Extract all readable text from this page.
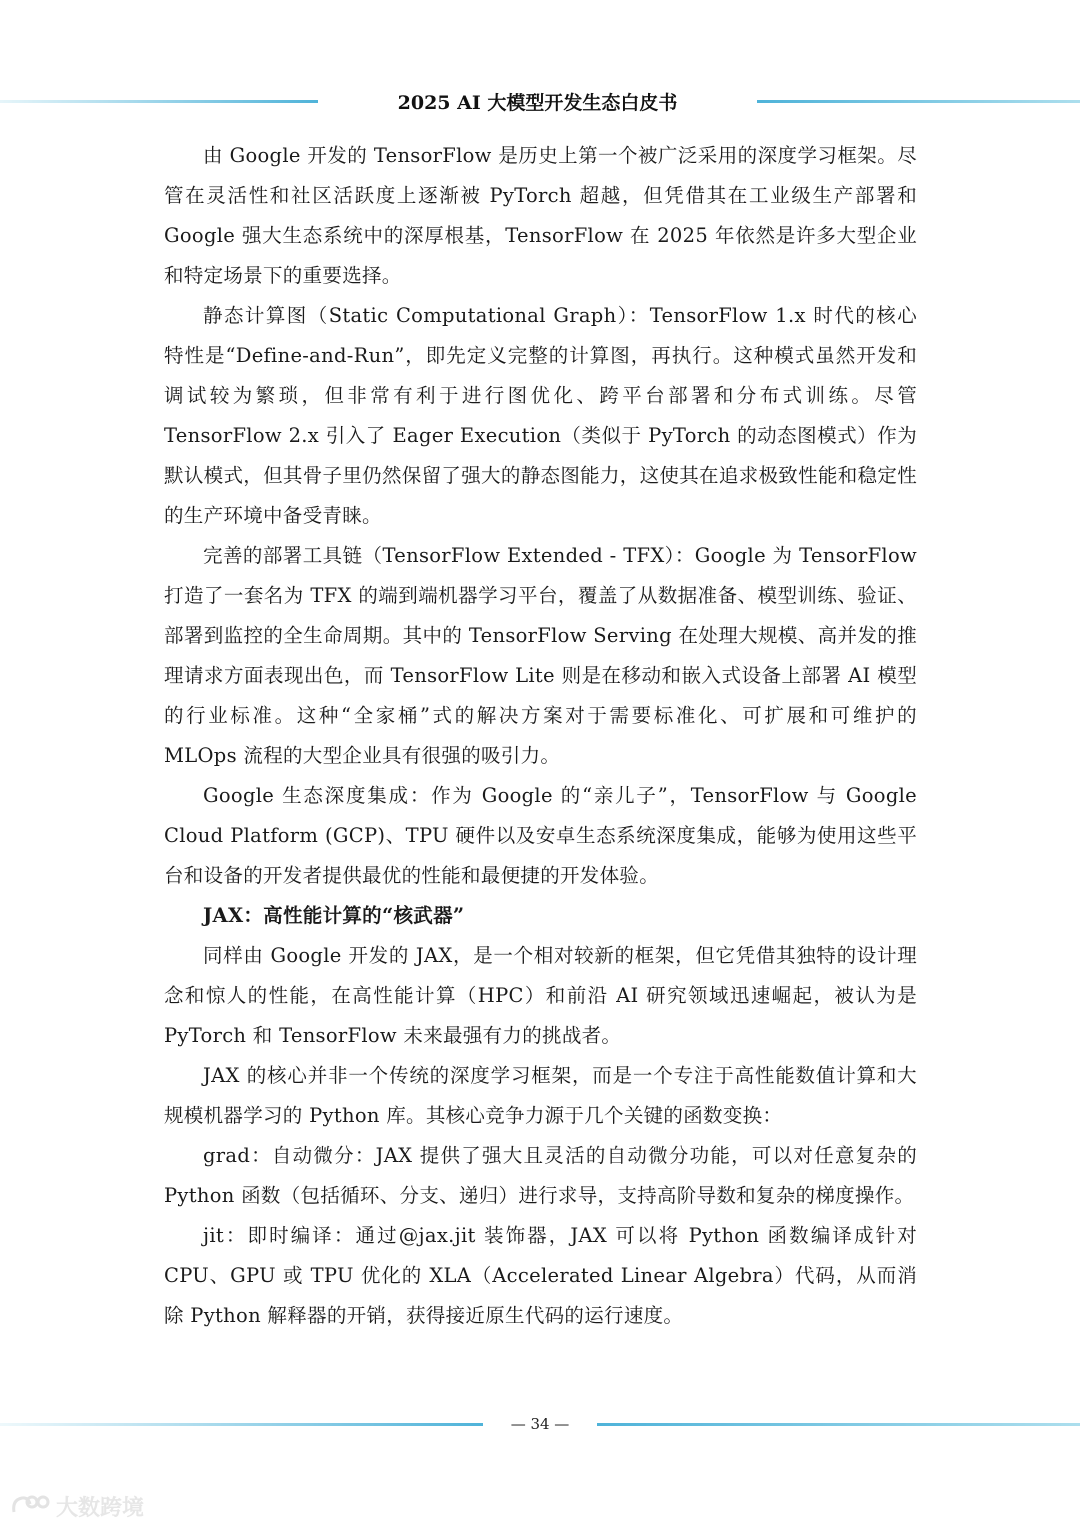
2025 AI 大模型开发生态白皮书

由 Google 开发的 TensorFlow 是历史上第一个被广泛采用的深度学习框架。尽管在灵活性和社区活跃度上逐渐被 PyTorch 超越，但凭借其在工业级生产部署和 Google 强大生态系统中的深厚根基，TensorFlow 在 2025 年依然是许多大型企业和特定场景下的重要选择。

静态计算图（Static Computational Graph）：TensorFlow 1.x 时代的核心特性是“Define-and-Run”，即先定义完整的计算图，再执行。这种模式虽然开发和调试较为繁琐，但非常有利于进行图优化、跨平台部署和分布式训练。尽管 TensorFlow 2.x 引入了 Eager Execution（类似于 PyTorch 的动态图模式）作为默认模式，但其骨子里仍然保留了强大的静态图能力，这使其在追求极致性能和稳定性的生产环境中备受青睐。

完善的部署工具链（TensorFlow Extended - TFX）：Google 为 TensorFlow 打造了一套名为 TFX 的端到端机器学习平台，覆盖了从数据准备、模型训练、验证、部署到监控的全生命周期。其中的 TensorFlow Serving 在处理大规模、高并发的推理请求方面表现出色，而 TensorFlow Lite 则是在移动和嵌入式设备上部署 AI 模型的行业标准。这种“全家桶”式的解决方案对于需要标准化、可扩展和可维护的 MLOps 流程的大型企业具有很强的吸引力。

Google 生态深度集成：作为 Google 的“亲儿子”，TensorFlow 与 Google Cloud Platform (GCP)、TPU 硬件以及安卓生态系统深度集成，能够为使用这些平台和设备的开发者提供最优的性能和最便捷的开发体验。

JAX：高性能计算的“核武器”

同样由 Google 开发的 JAX，是一个相对较新的框架，但它凭借其独特的设计理念和惊人的性能，在高性能计算（HPC）和前沿 AI 研究领域迅速崛起，被认为是 PyTorch 和 TensorFlow 未来最强有力的挑战者。

JAX 的核心并非一个传统的深度学习框架，而是一个专注于高性能数值计算和大规模机器学习的 Python 库。其核心竞争力源于几个关键的函数变换：

grad：自动微分：JAX 提供了强大且灵活的自动微分功能，可以对任意复杂的 Python 函数（包括循环、分支、递归）进行求导，支持高阶导数和复杂的梯度操作。

jit：即时编译：通过@jax.jit 装饰器，JAX 可以将 Python 函数编译成针对 CPU、GPU 或 TPU 优化的 XLA（Accelerated Linear Algebra）代码，从而消除 Python 解释器的开销，获得接近原生代码的运行速度。

— 34 —
大数跨境
